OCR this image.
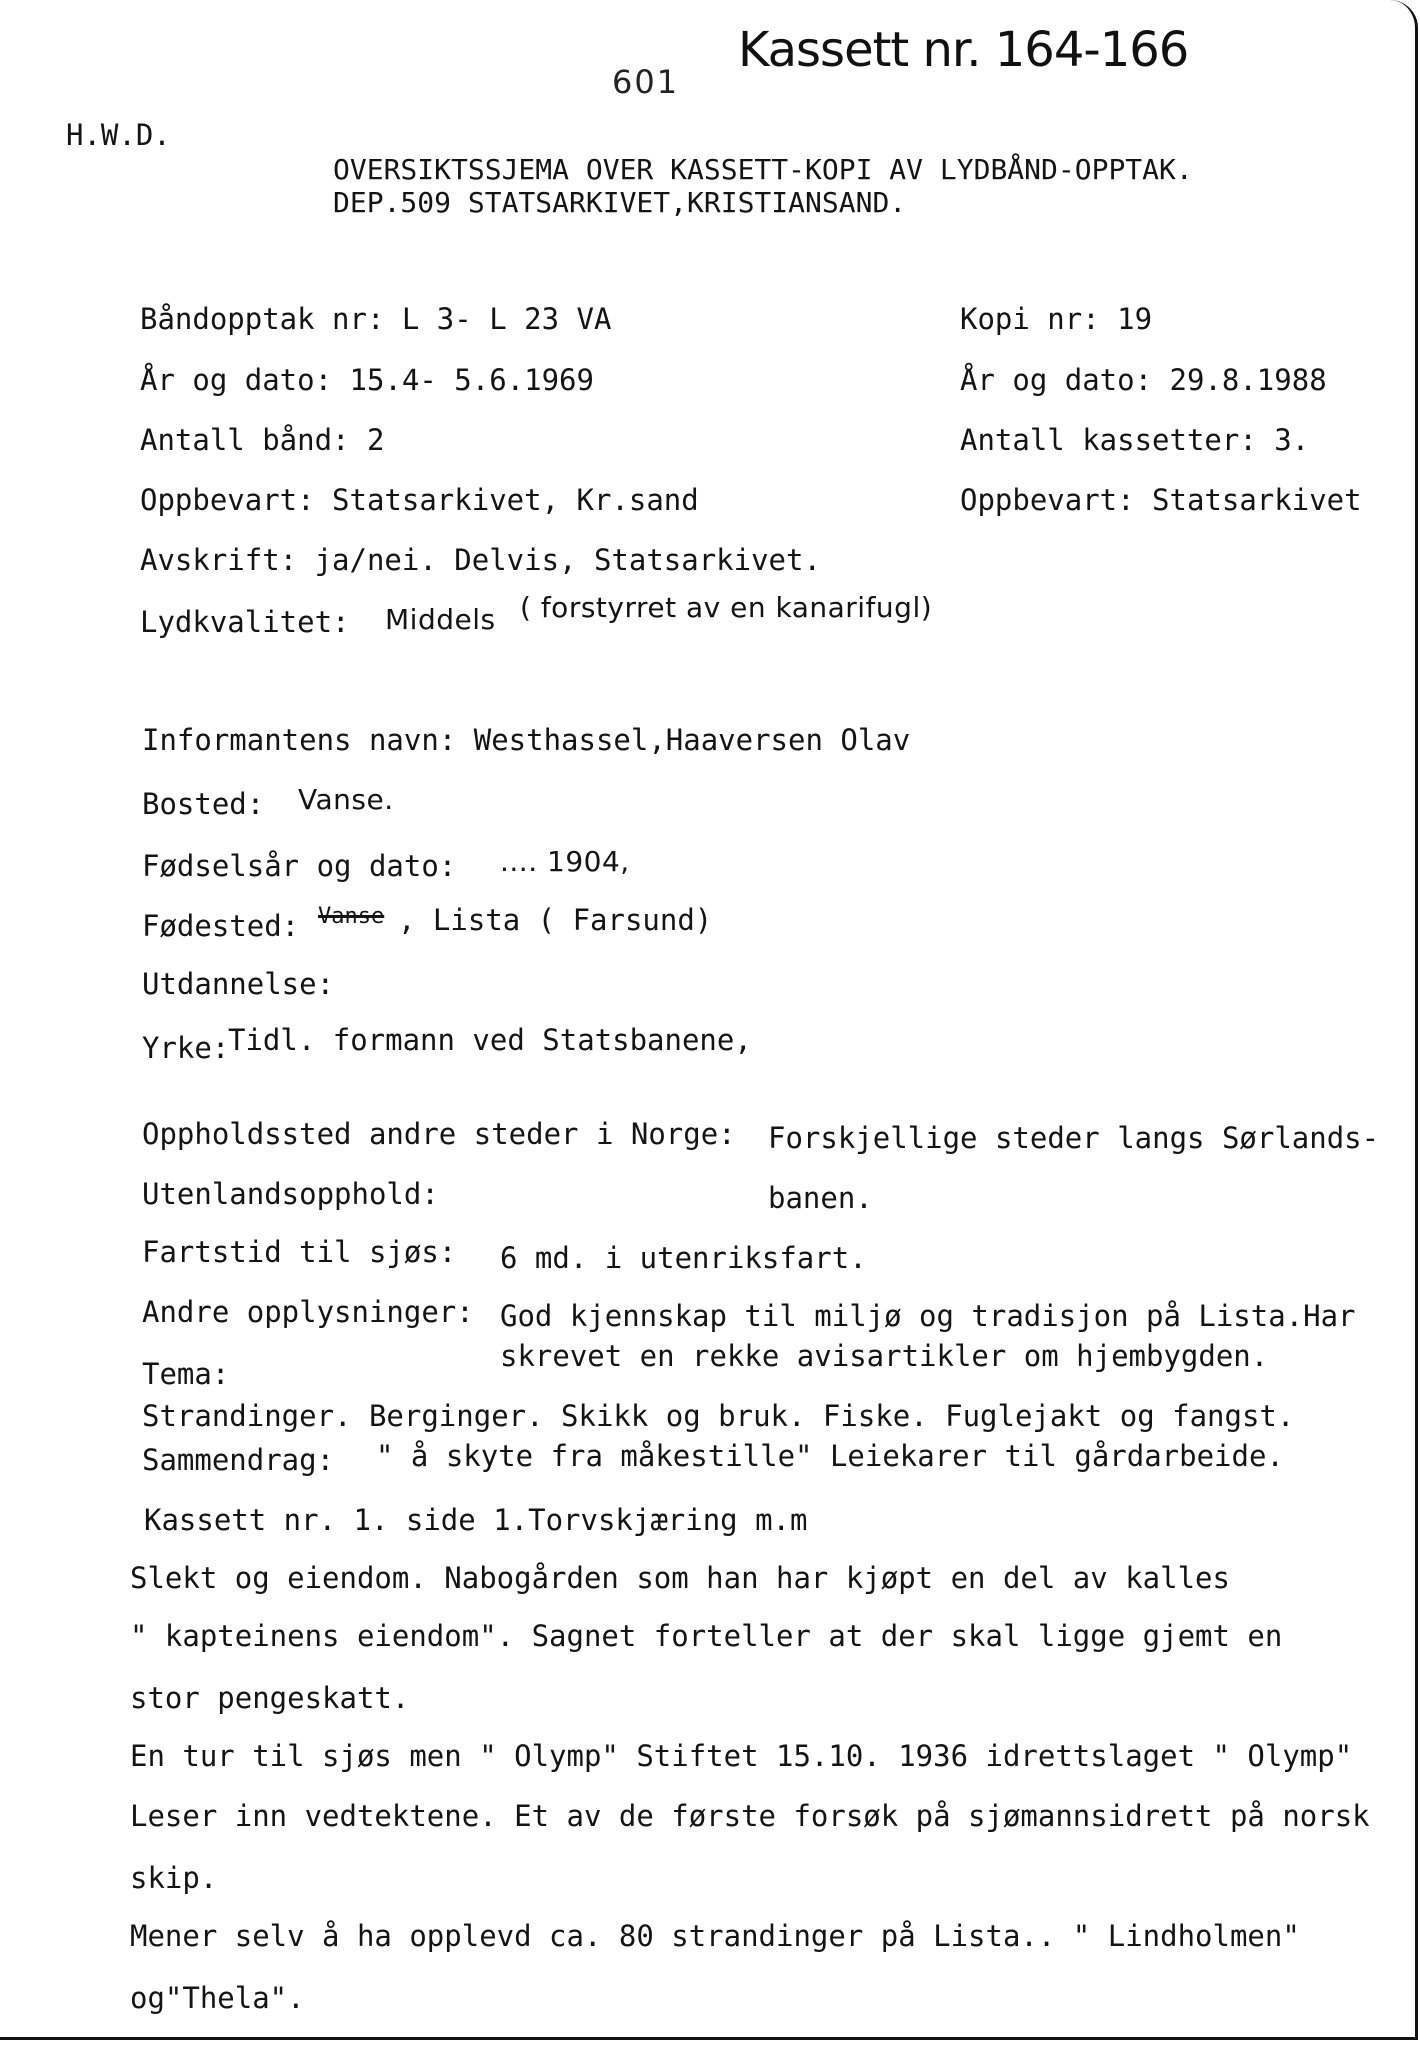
Kassett nr. 164-166
601
H.W.D.
OVERSIKTSSJEMA OVER KASSETT-KOPI AV LYDBÅND-OPPTAK.
DEP.509 STATSARKIVET,KRISTIANSAND.
Båndopptak nr: L 3- L 23 VA
År og dato: 15.4- 5.6.1969
Antall bånd: 2
Oppbevart: Statsarkivet, Kr.sand
Avskrift: ja/nei. Delvis, Statsarkivet.
Lydkvalitet: Middels ( forstyrret av en kanarifugl)
Kopi nr: 19
År og dato: 29.8.1988
Antall kassetter: 3.
Oppbevart: Statsarkivet
Informantens navn: Westhassel,Haaversen Olav
Bosted: Vanse.
Fødselsår og dato: .... 1904,
Fødested: Vanse , Lista ( Farsund)
Utdannelse:
Yrke:
Tidl. formann ved Statsbanene,
Oppholdssted andre steder i Norge: Forskjellige steder langs Sørlands-
Utenlandsopphold:	banen.
Fartstid til sjøs: 6 md. i utenriksfart.
Andre opplysninger: God kjennskap til miljø og tradisjon på Lista.Har
skrevet en rekke avisartikler om hjembygden.
Tema:
Strandinger. Berginger. Skikk og bruk. Fiske. Fuglejakt og fangst.
Sammendrag: " å skyte fra måkestille" Leiekarer til gårdarbeide.
Kassett nr. 1. side 1.Torvskjæring m.m
Slekt og eiendom. Nabogården som han har kjøpt en del av kalles
" kapteinens eiendom". Sagnet forteller at der skal ligge gjemt en
stor pengeskatt.
En tur til sjøs men " Olymp" Stiftet 15.10. 1936 idrettslaget " Olymp"
Leser inn vedtektene. Et av de første forsøk på sjømannsidrett på norsk
skip.
Mener selv å ha opplevd ca. 80 strandinger på Lista.. " Lindholmen"
og"Thela".
